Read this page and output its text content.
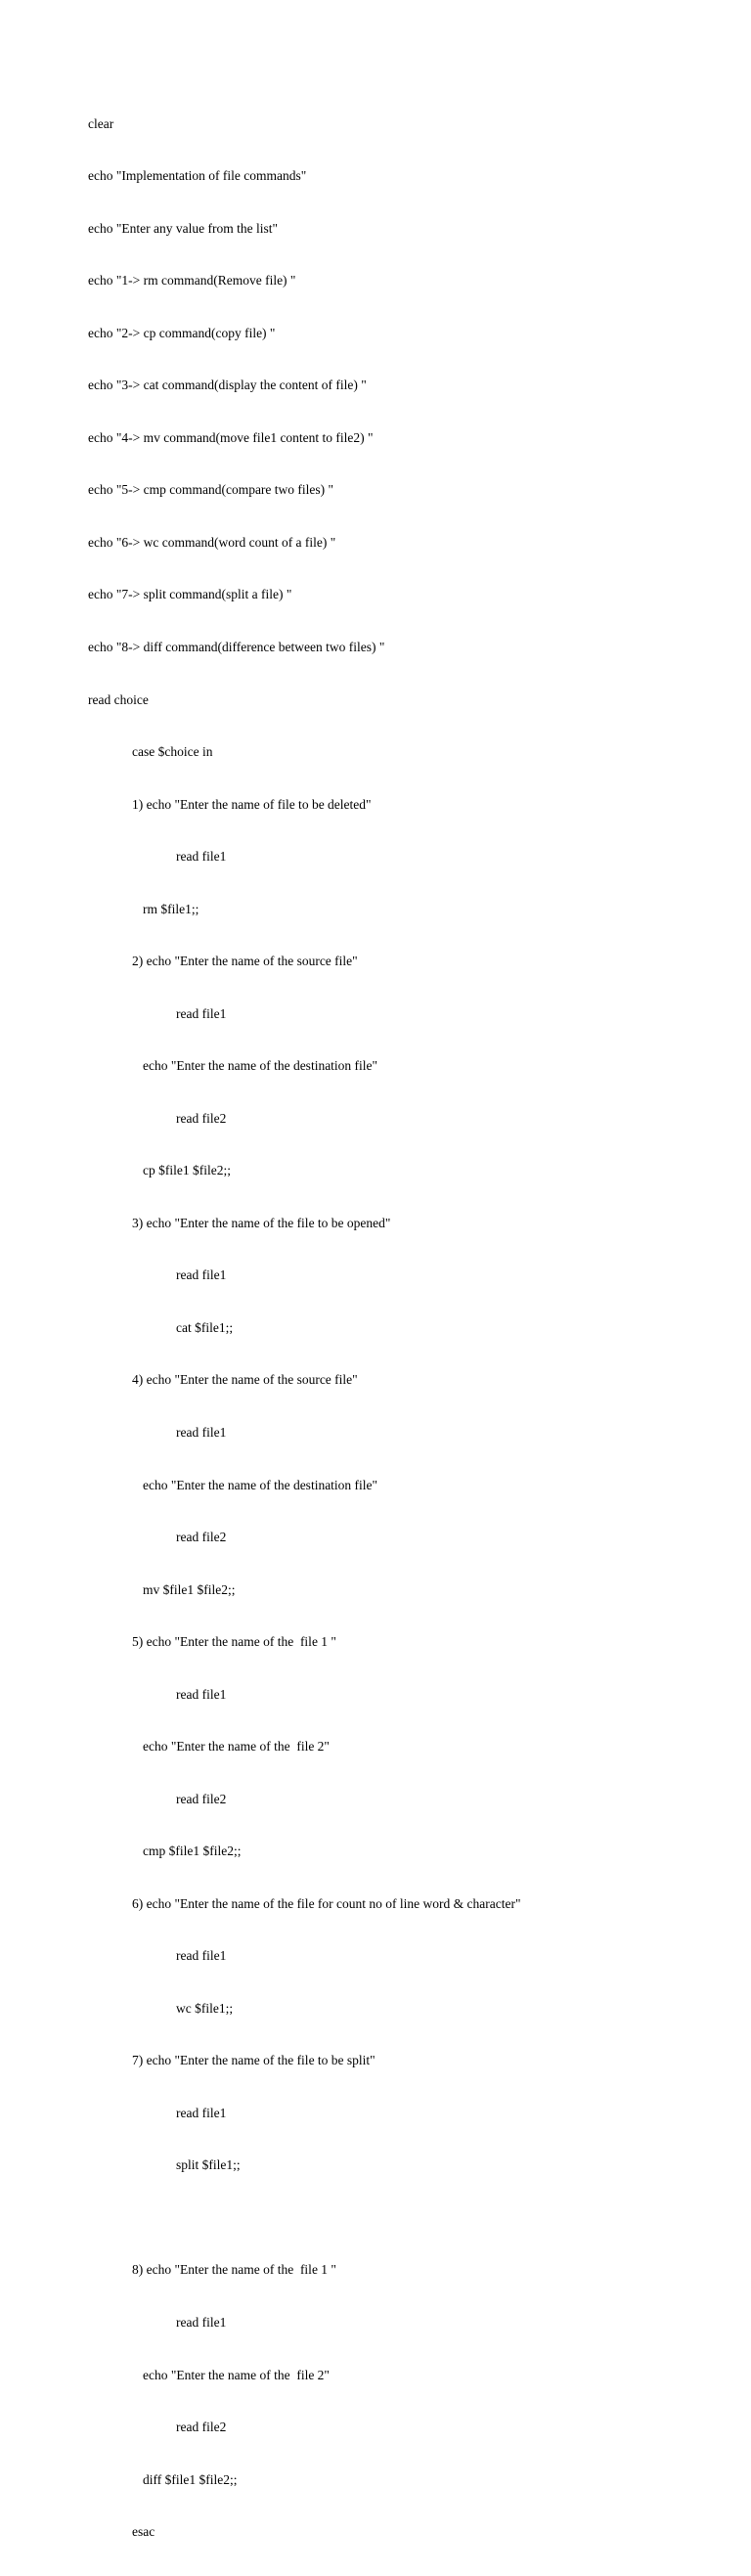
clear

echo "Implementation of file commands"

echo "Enter any value from the list"

echo "1-> rm command(Remove file) "

echo "2-> cp command(copy file) "

echo "3-> cat command(display the content of file) "

echo "4-> mv command(move file1 content to file2) "

echo "5-> cmp command(compare two files) "

echo "6-> wc command(word count of a file) "

echo "7-> split command(split a file) "

echo "8-> diff command(difference between two files) "

read choice

case $choice in

1) echo "Enter the name of file to be deleted"

read file1

rm $file1;;

2) echo "Enter the name of the source file"

read file1

echo "Enter the name of the destination file"

read file2

cp $file1 $file2;;

3) echo "Enter the name of the file to be opened"

read file1

cat $file1;;

4) echo "Enter the name of the source file"

read file1

echo "Enter the name of the destination file"

read file2

mv $file1 $file2;;

5) echo "Enter the name of the  file 1 "

read file1

echo "Enter the name of the  file 2"

read file2

cmp $file1 $file2;;

6) echo "Enter the name of the file for count no of line word & character"

read file1

wc $file1;;

7) echo "Enter the name of the file to be split"

read file1

split $file1;;

8) echo "Enter the name of the  file 1 "

read file1

echo "Enter the name of the  file 2"

read file2

diff $file1 $file2;;

esac
